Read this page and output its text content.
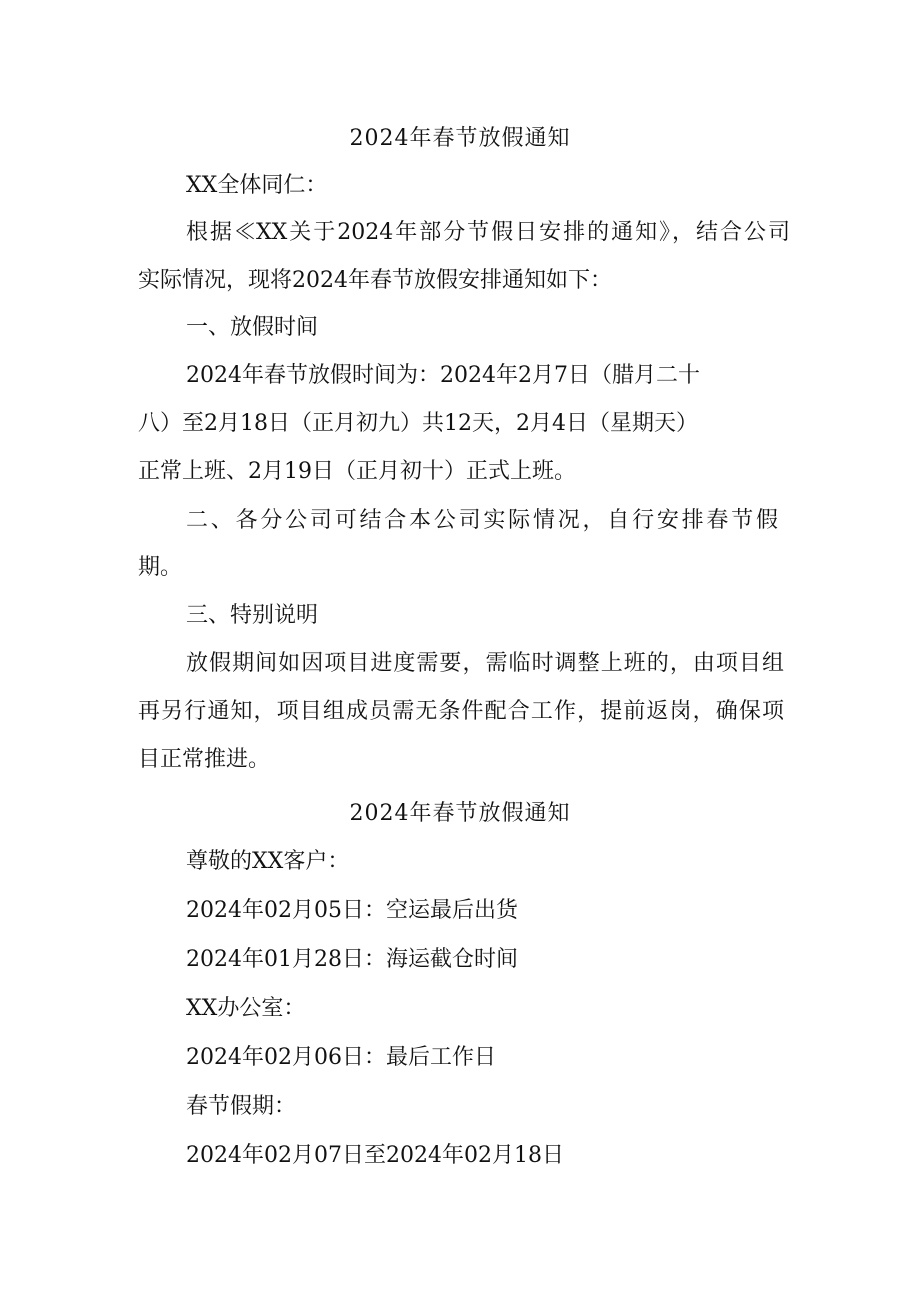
2024年春节放假通知
XX全体同仁：
根据≪XX关于2024年部分节假日安排的通知》，结合公司
实际情况，现将2024年春节放假安排通知如下：
一、放假时间
2024年春节放假时间为：2024年2月7日（腊月二十
八）至2月18日（正月初九）共12天，2月4日（星期天）
正常上班、2月19日（正月初十）正式上班。
二、各分公司可结合本公司实际情况，自行安排春节假
期。
三、特别说明
放假期间如因项目进度需要，需临时调整上班的，由项目组
再另行通知，项目组成员需无条件配合工作，提前返岗，确保项
目正常推进。
2024年春节放假通知
尊敬的XX客户：
2024年02月05日：空运最后出货
2024年01月28日：海运截仓时间
XX办公室：
2024年02月06日：最后工作日
春节假期：
2024年02月07日至2024年02月18日
